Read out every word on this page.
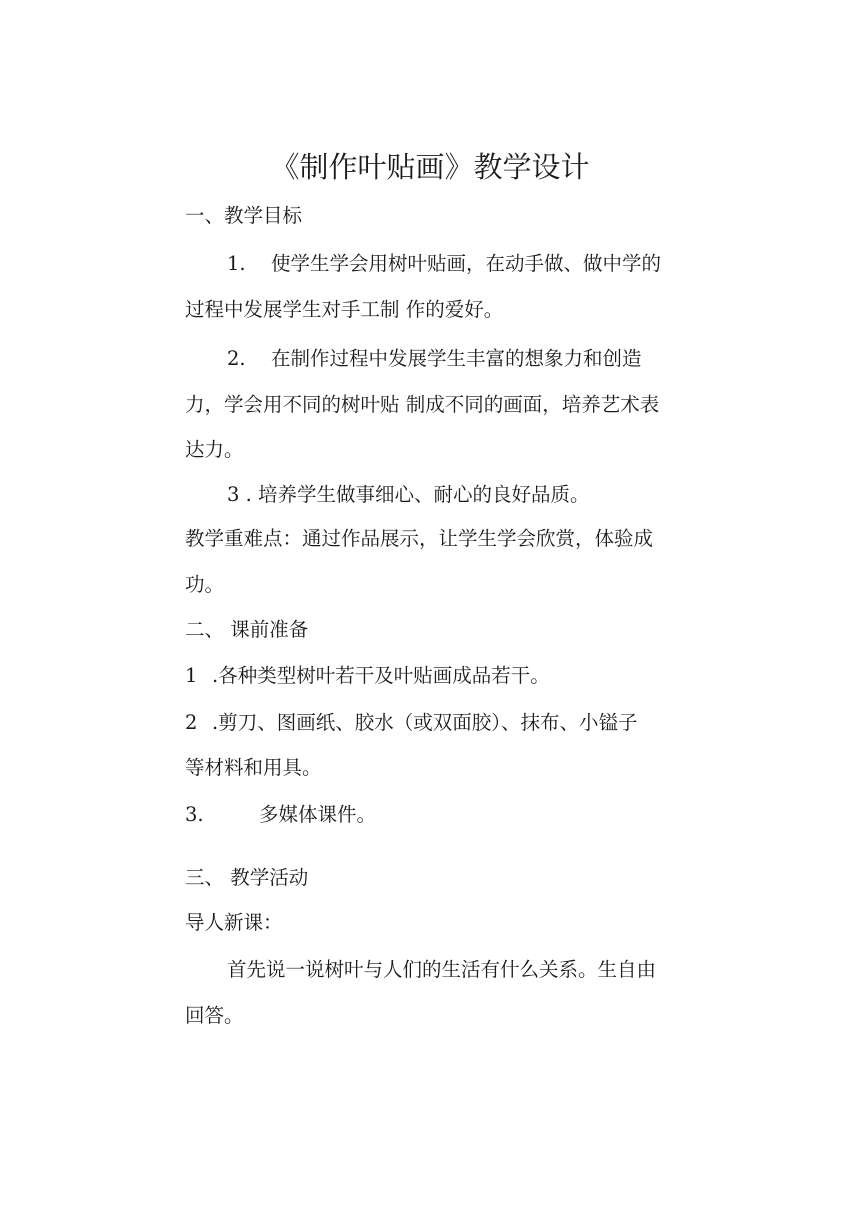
《制作叶贴画》教学设计
一、教学目标
1. 使学生学会用树叶贴画，在动手做、做中学的
过程中发展学生对手工制 作的爱好。
2. 在制作过程中发展学生丰富的想象力和创造
力，学会用不同的树叶贴 制成不同的画面，培养艺术表
达力。
3 . 培养学生做事细心、耐心的良好品质。
教学重难点：通过作品展示，让学生学会欣赏，体验成
功。
二、 课前准备
1 .各种类型树叶若干及叶贴画成品若干。
2 .剪刀、图画纸、胶水（或双面胶）、抹布、小镒子
等材料和用具。
3.	多媒体课件。
三、 教学活动
导人新课：
首先说一说树叶与人们的生活有什么关系。生自由
回答。
